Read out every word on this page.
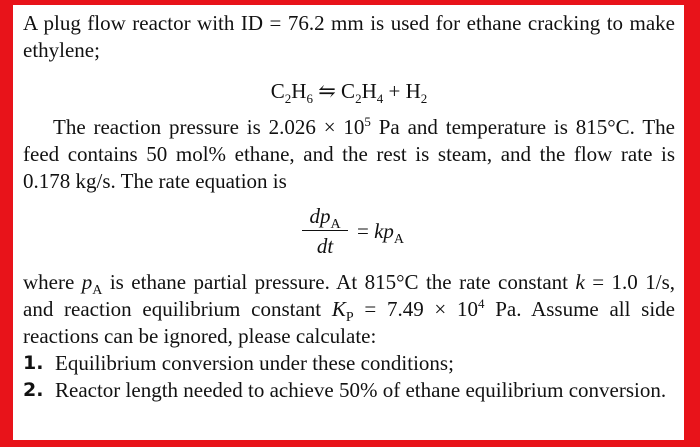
A plug flow reactor with ID = 76.2 mm is used for ethane cracking to make ethylene;

$C_2H_6$ ⇋ $C_2H_4 + H_2$

The reaction pressure is $2.026 \times 10^5$ Pa and temperature is 815°C. The feed contains 50 mol% ethane, and the rest is steam, and the flow rate is 0.178 kg/s. The rate equation is

$dp_A$
dt
= $kp_A$

where $p_A$ is ethane partial pressure. At 815°C the rate constant k = 1.0 1/s, and reaction equilibrium constant $K_P = 7.49 \times 10^4$ Pa. Assume all side reactions can be ignored, please calculate:

1. Equilibrium conversion under these conditions;
2. Reactor length needed to achieve 50% of ethane equilibrium conversion.
